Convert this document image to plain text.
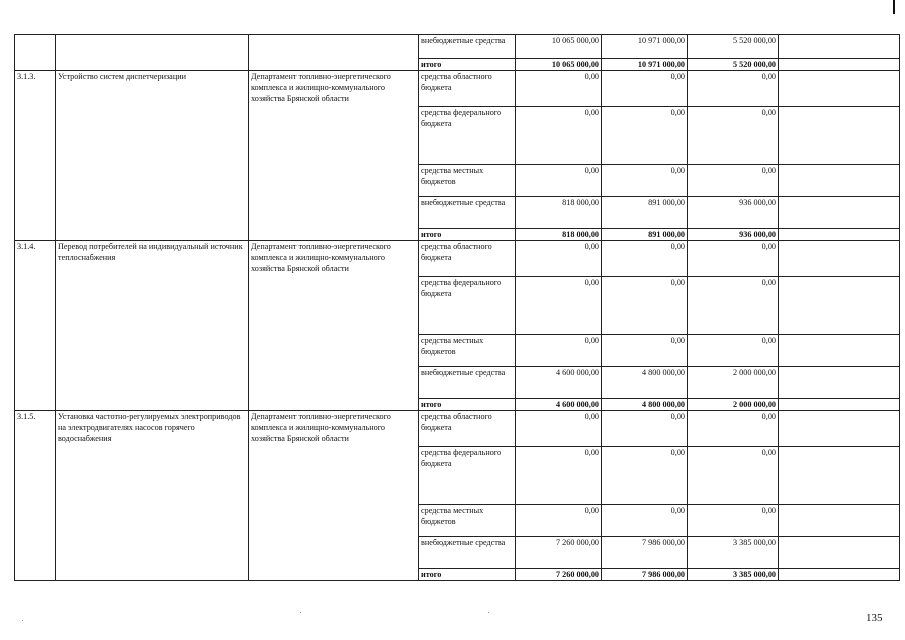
			внебюджетные средства	10 065 000,00	10 971 000,00	5 520 000,00	
			итого	10 065 000,00	10 971 000,00	5 520 000,00	
3.1.3.	Устройство систем диспетчеризации	Департамент топливно-энергетического комплекса и жилищно-коммунального хозяйства Брянской области	средства областного бюджета	0,00	0,00	0,00	
			средства федерального бюджета	0,00	0,00	0,00	
			средства местных бюджетов	0,00	0,00	0,00	
			внебюджетные средства	818 000,00	891 000,00	936 000,00	
			итого	818 000,00	891 000,00	936 000,00	
3.1.4.	Перевод потребителей на индивидуальный источник теплоснабжения	Департамент топливно-энергетического комплекса и жилищно-коммунального хозяйства Брянской области	средства областного бюджета	0,00	0,00	0,00	
			средства федерального бюджета	0,00	0,00	0,00	
			средства местных бюджетов	0,00	0,00	0,00	
			внебюджетные средства	4 600 000,00	4 800 000,00	2 000 000,00	
			итого	4 600 000,00	4 800 000,00	2 000 000,00	
3.1.5.	Установка частотно-регулируемых электроприводов на электродвигателях насосов горячего водоснабжения	Департамент топливно-энергетического комплекса и жилищно-коммунального хозяйства Брянской области	средства областного бюджета	0,00	0,00	0,00	
			средства федерального бюджета	0,00	0,00	0,00	
			средства местных бюджетов	0,00	0,00	0,00	
			внебюджетные средства	7 260 000,00	7 986 000,00	3 385 000,00	
			итого	7 260 000,00	7 986 000,00	3 385 000,00	
135
